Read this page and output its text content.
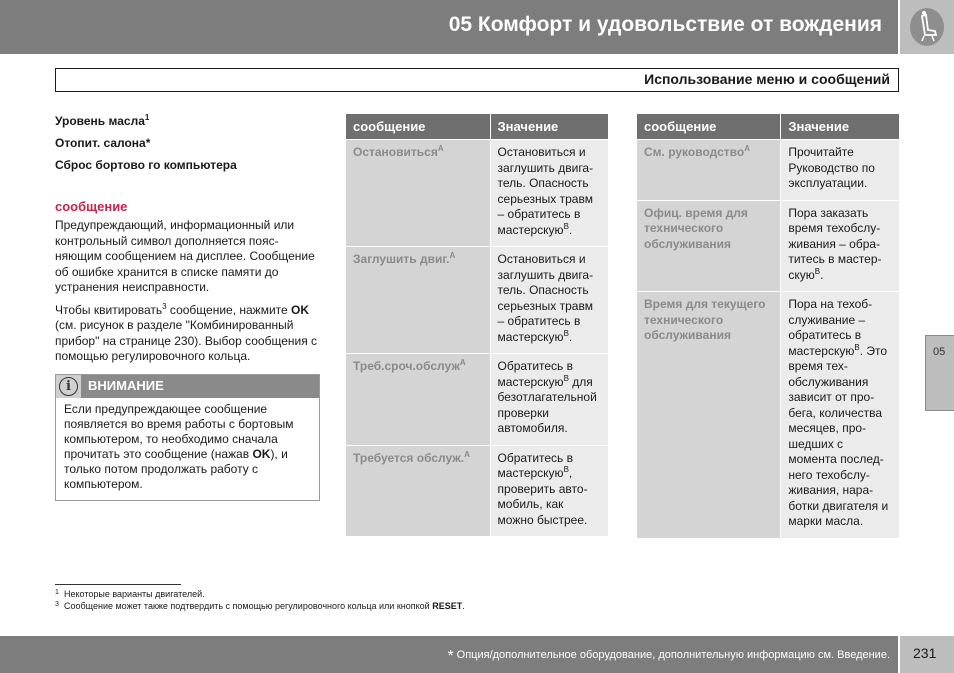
05 Комфорт и удовольствие от вождения
Использование меню и сообщений
Уровень масла$^1$
Отопит. салона*
Сброс бортово го компьютера
сообщение
Предупреждающий, информационный или контрольный символ дополняется поясняющим сообщением на дисплее. Сообщение об ошибке хранится в списке памяти до устранения неисправности.
Чтобы квитировать$^3$ сообщение, нажмите OK (см. рисунок в разделе "Комбинированный прибор" на странице 230). Выбор сообщения с помощью регулировочного кольца.
i	ВНИМАНИЕ
Если предупреждающее сообщение появляется во время работы с бортовым компьютером, то необходимо сначала прочитать это сообщение (нажав OK), и только потом продолжать работу с компьютером.
сообщение	Значение
Остановиться$^A$	Остановиться и заглушить двигатель. Опасность серьезных травм – обратитесь в мастерскую$^B$.
Заглушить двиг.$^A$	Остановиться и заглушить двигатель. Опасность серьезных травм – обратитесь в мастерскую$^B$.
Треб.сроч.обслуж$^A$	Обратитесь в мастерскую$^B$ для безотлагательной проверки автомобиля.
Требуется обслуж.$^A$	Обратитесь в мастерскую$^B$, проверить автомобиль, как можно быстрее.
сообщение	Значение
См. руководство$^A$	Прочитайте Руководство по эксплуатации.
Офиц. время для технического обслуживания	Пора заказать время техобслуживания – обратитесь в мастерскую$^B$.
Время для текущего технического обслуживания	Пора на техобслуживание – обратитесь в мастерскую$^B$. Это время техобслуживания зависит от пробега, количества месяцев, прошедших с момента последнего техобслуживания, наработки двигателя и марки масла.
05
1 Некоторые варианты двигателей.
3 Сообщение может также подтвердить с помощью регулировочного кольца или кнопкой RESET.
* Опция/дополнительное оборудование, дополнительную информацию см. Введение. 231
